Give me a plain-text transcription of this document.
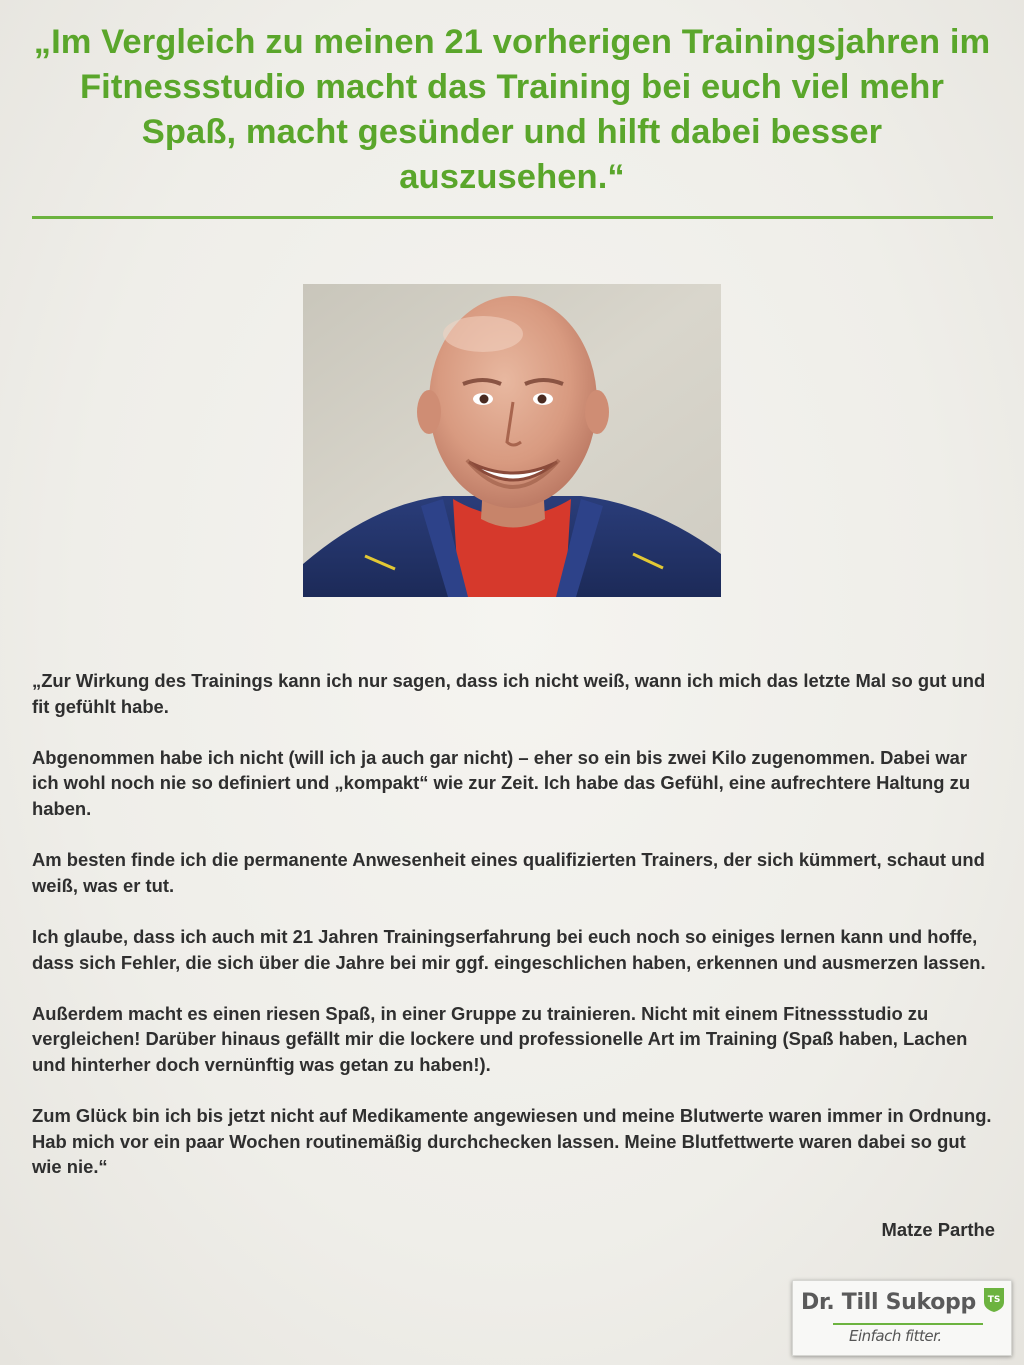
„Im Vergleich zu meinen 21 vorherigen Trainingsjahren im Fitnessstudio macht das Training bei euch viel mehr Spaß, macht gesünder und hilft dabei besser auszusehen.“

„Zur Wirkung des Trainings kann ich nur sagen, dass ich nicht weiß, wann ich mich das letzte Mal so gut und fit gefühlt habe.

Abgenommen habe ich nicht (will ich ja auch gar nicht) – eher so ein bis zwei Kilo zugenommen. Dabei war ich wohl noch nie so definiert und „kompakt“ wie zur Zeit. Ich habe das Gefühl, eine aufrechtere Haltung zu haben.

Am besten finde ich die permanente Anwesenheit eines qualifizierten Trainers, der sich kümmert, schaut und weiß, was er tut.

Ich glaube, dass ich auch mit 21 Jahren Trainingserfahrung bei euch noch so einiges lernen kann und hoffe, dass sich Fehler, die sich über die Jahre bei mir ggf. eingeschlichen haben, erkennen und ausmerzen lassen.

Außerdem macht es einen riesen Spaß, in einer Gruppe zu trainieren. Nicht mit einem Fitnessstudio zu vergleichen! Darüber hinaus gefällt mir die lockere und professionelle Art im Training (Spaß haben, Lachen und hinterher doch vernünftig was getan zu haben!).

Zum Glück bin ich bis jetzt nicht auf Medikamente angewiesen und meine Blutwerte waren immer in Ordnung. Hab mich vor ein paar Wochen routinemäßig durchchecken lassen. Meine Blutfettwerte waren dabei so gut wie nie.“

Matze Parthe
Dr. Till Sukopp
Einfach fitter.
TS
